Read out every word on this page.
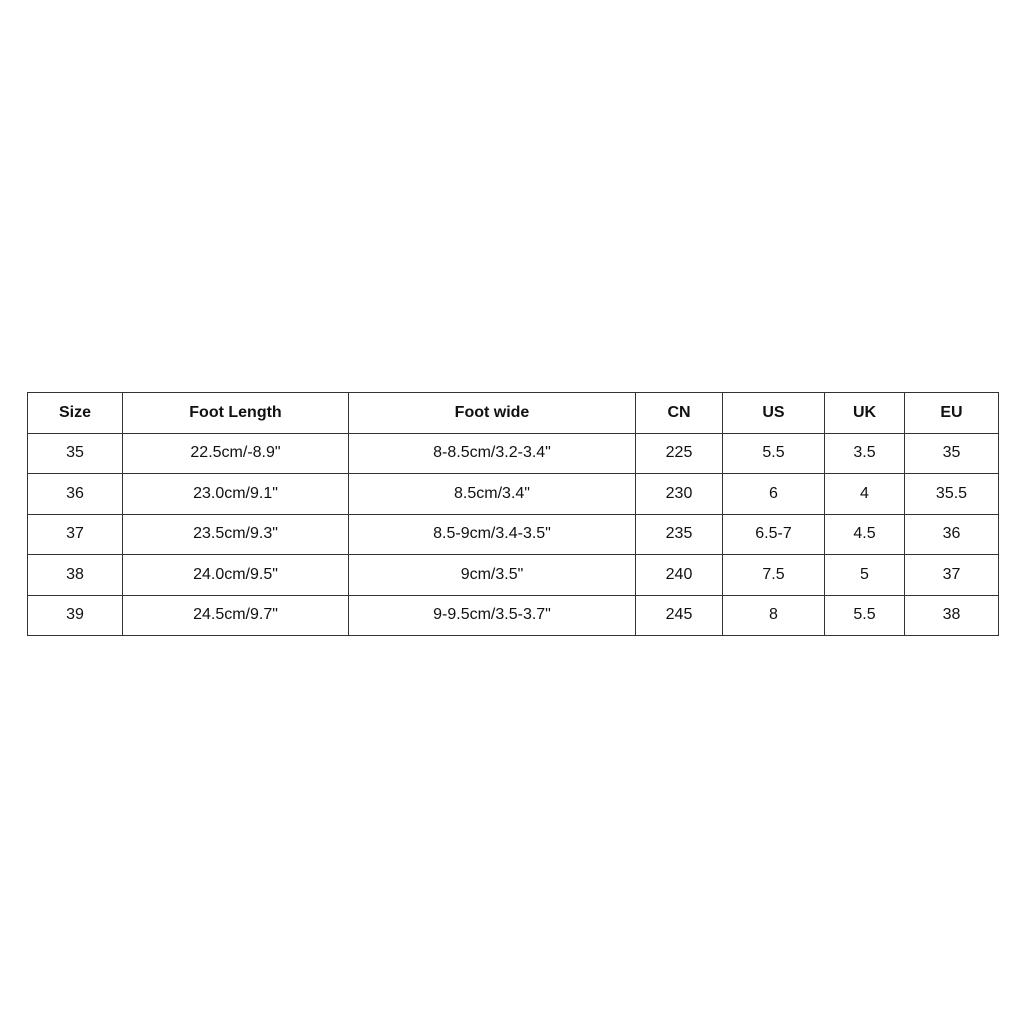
Size	Foot Length	Foot wide	CN	US	UK	EU
35	22.5cm/-8.9"	8-8.5cm/3.2-3.4"	225	5.5	3.5	35
36	23.0cm/9.1"	8.5cm/3.4"	230	6	4	35.5
37	23.5cm/9.3"	8.5-9cm/3.4-3.5"	235	6.5-7	4.5	36
38	24.0cm/9.5"	9cm/3.5"	240	7.5	5	37
39	24.5cm/9.7"	9-9.5cm/3.5-3.7"	245	8	5.5	38
